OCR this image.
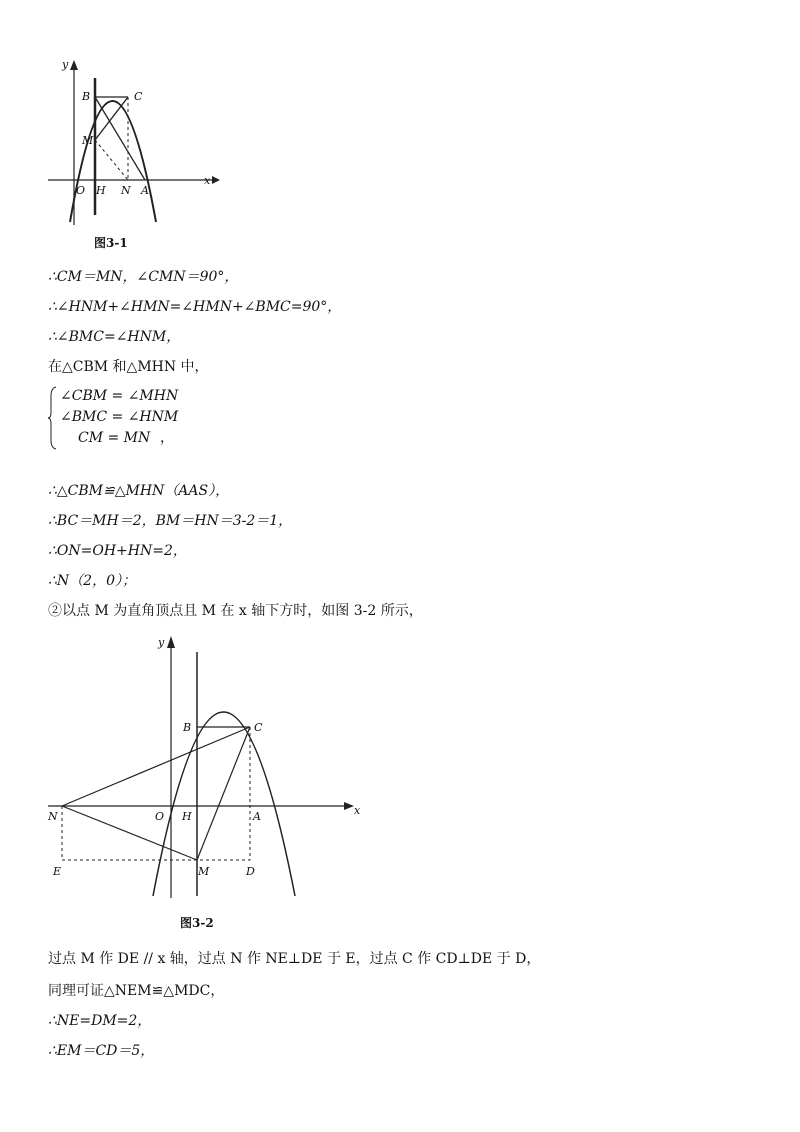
y
x
B	C
M
O H N A
图3-1
∴CM＝MN，∠CMN＝90°，
∴∠HNM+∠HMN=∠HMN+∠BMC=90°，
∴∠BMC=∠HNM，
在△CBM 和△MHN 中，
∠CBM = ∠MHN
∠BMC = ∠HNM
CM = MN ，
∴△CBM≌△MHN（AAS），
∴BC＝MH＝2，BM＝HN＝3-2＝1，
∴ON=OH+HN=2，
∴N（2，0）；
②以点 M 为直角顶点且 M 在 x 轴下方时，如图 3-2 所示，
y
x
B	C
N	O H	A
E	M	D
图3-2
过点 M 作 DE // x 轴，过点 N 作 NE⊥DE 于 E，过点 C 作 CD⊥DE 于 D，
同理可证△NEM≌△MDC，
∴NE=DM=2，
∴EM＝CD＝5，
